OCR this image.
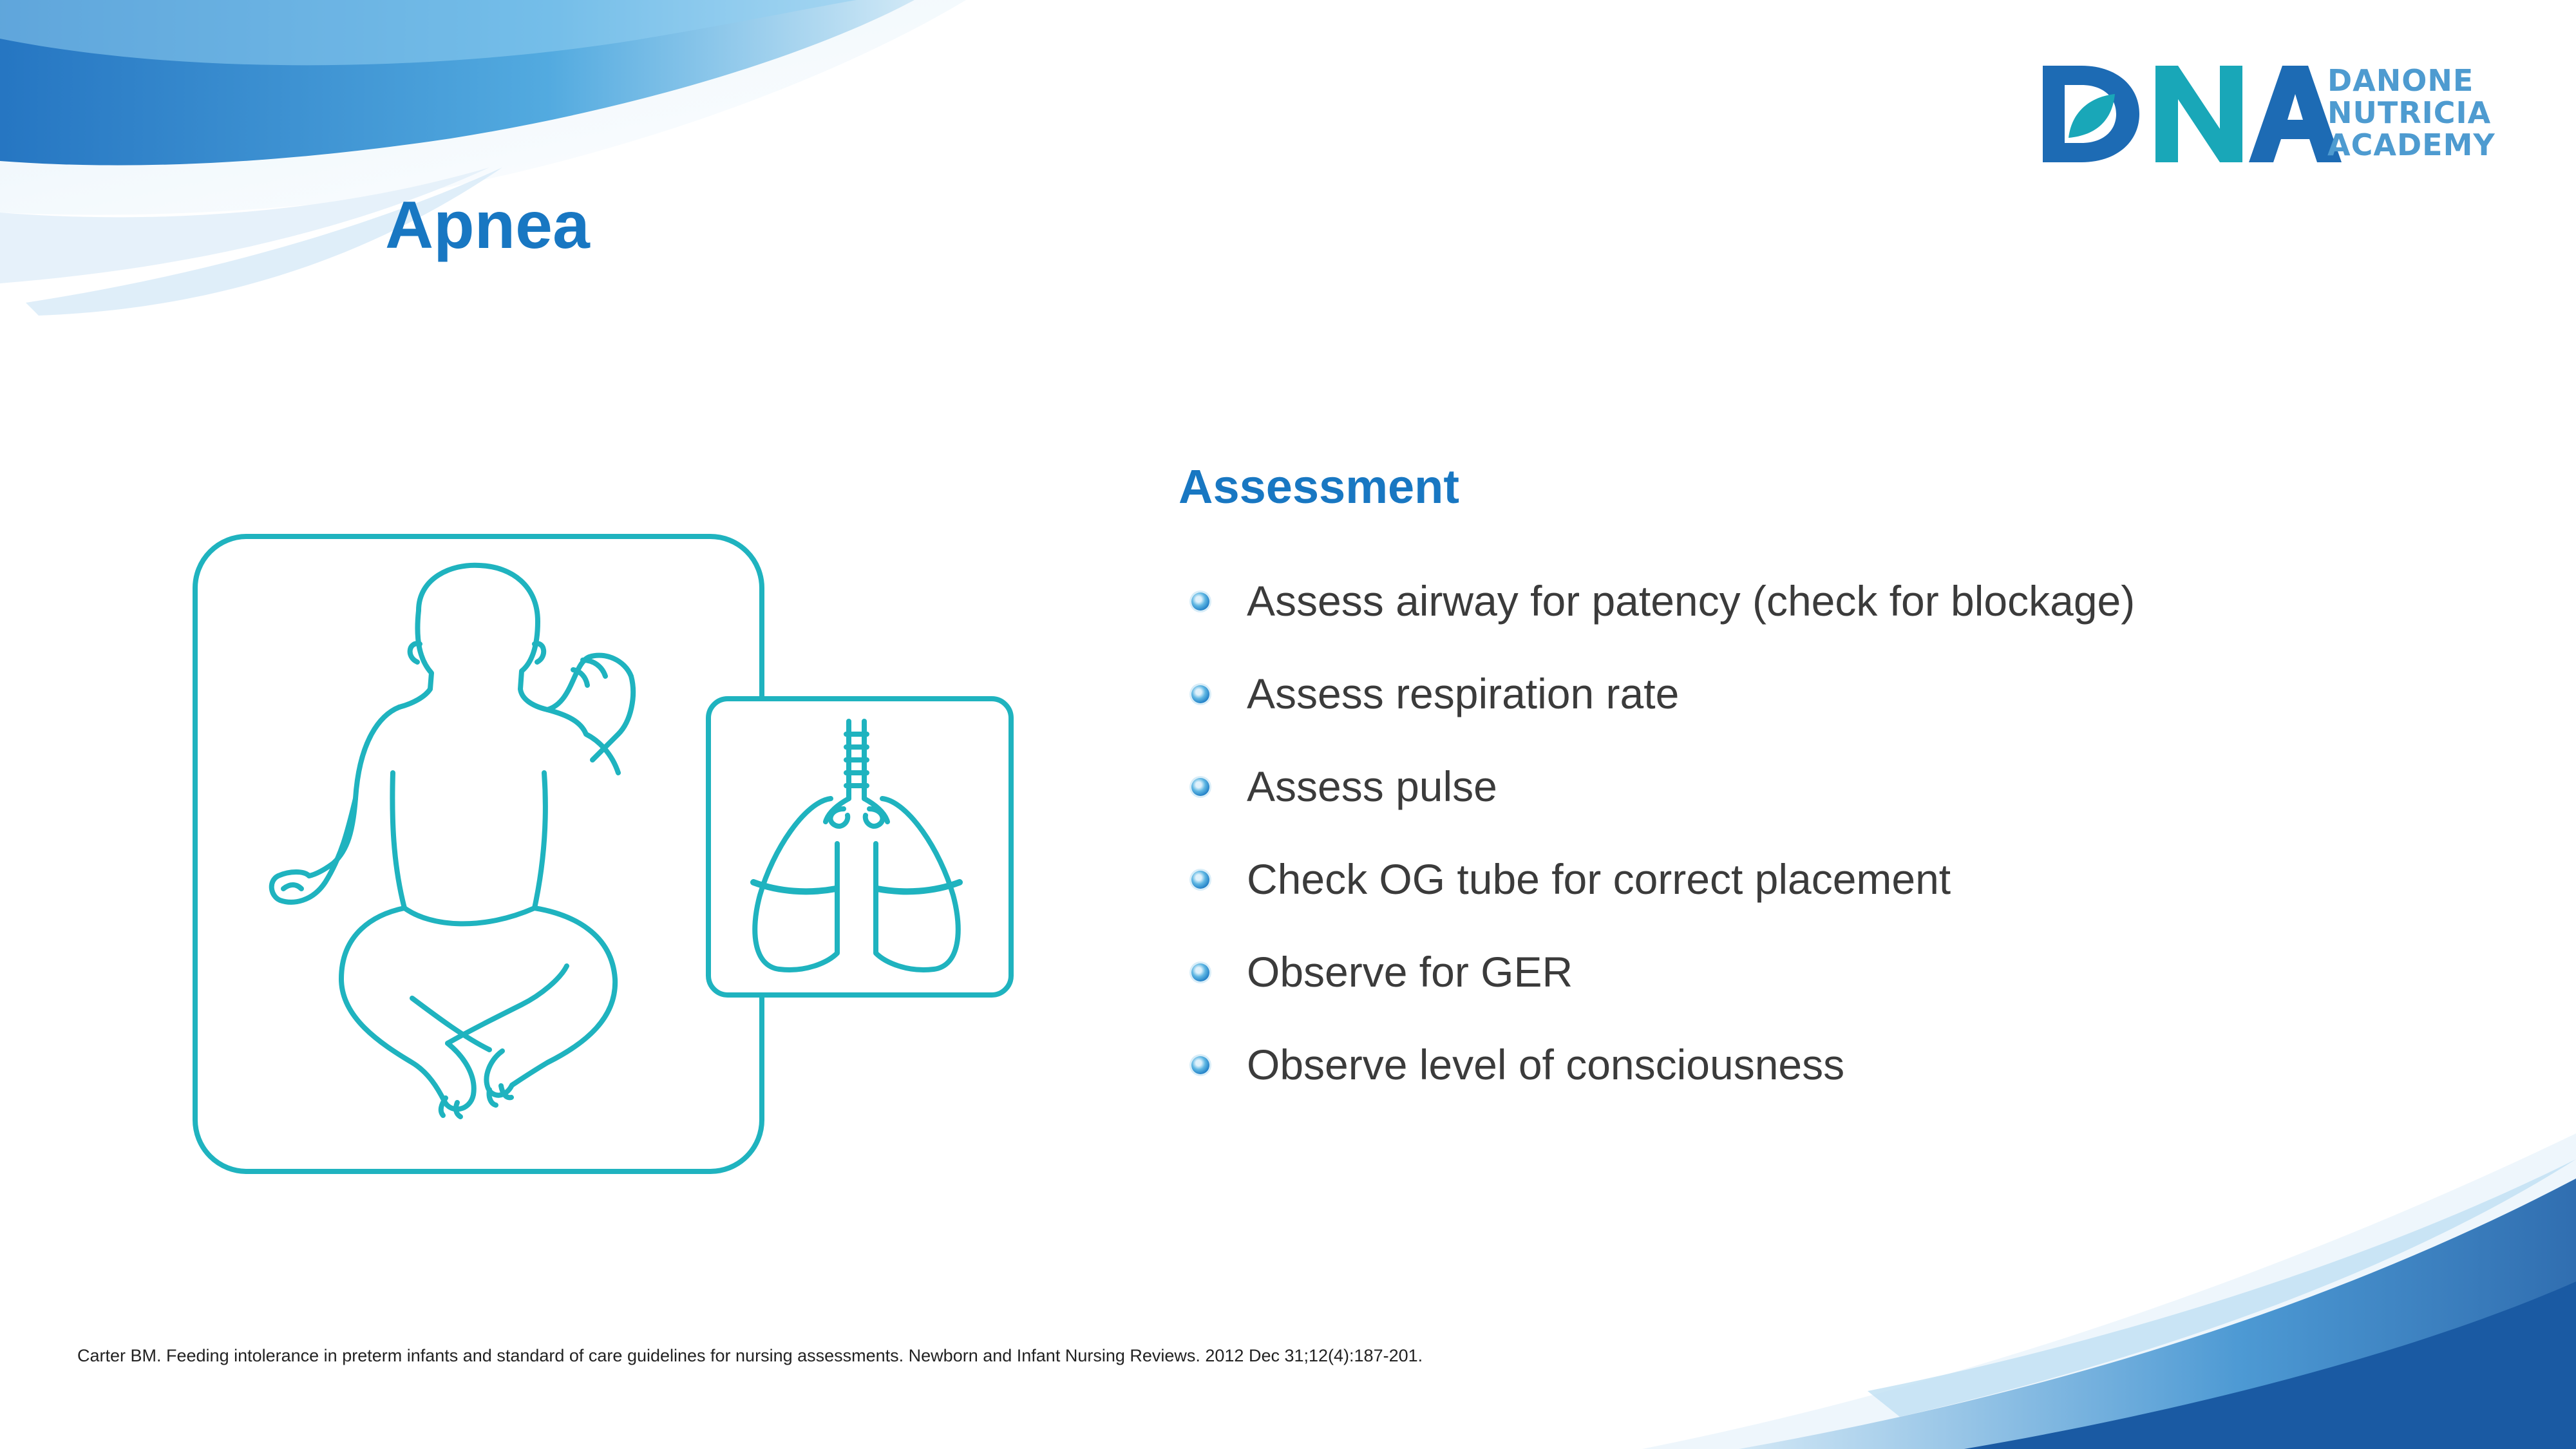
Apnea
DANONE
NUTRICIA
ACADEMY
Assessment
Assess airway for patency (check for blockage)
Assess respiration rate
Assess pulse
Check OG tube for correct placement
Observe for GER
Observe level of consciousness
Carter BM. Feeding intolerance in preterm infants and standard of care guidelines for nursing assessments. Newborn and Infant Nursing Reviews. 2012 Dec 31;12(4):187-201.
